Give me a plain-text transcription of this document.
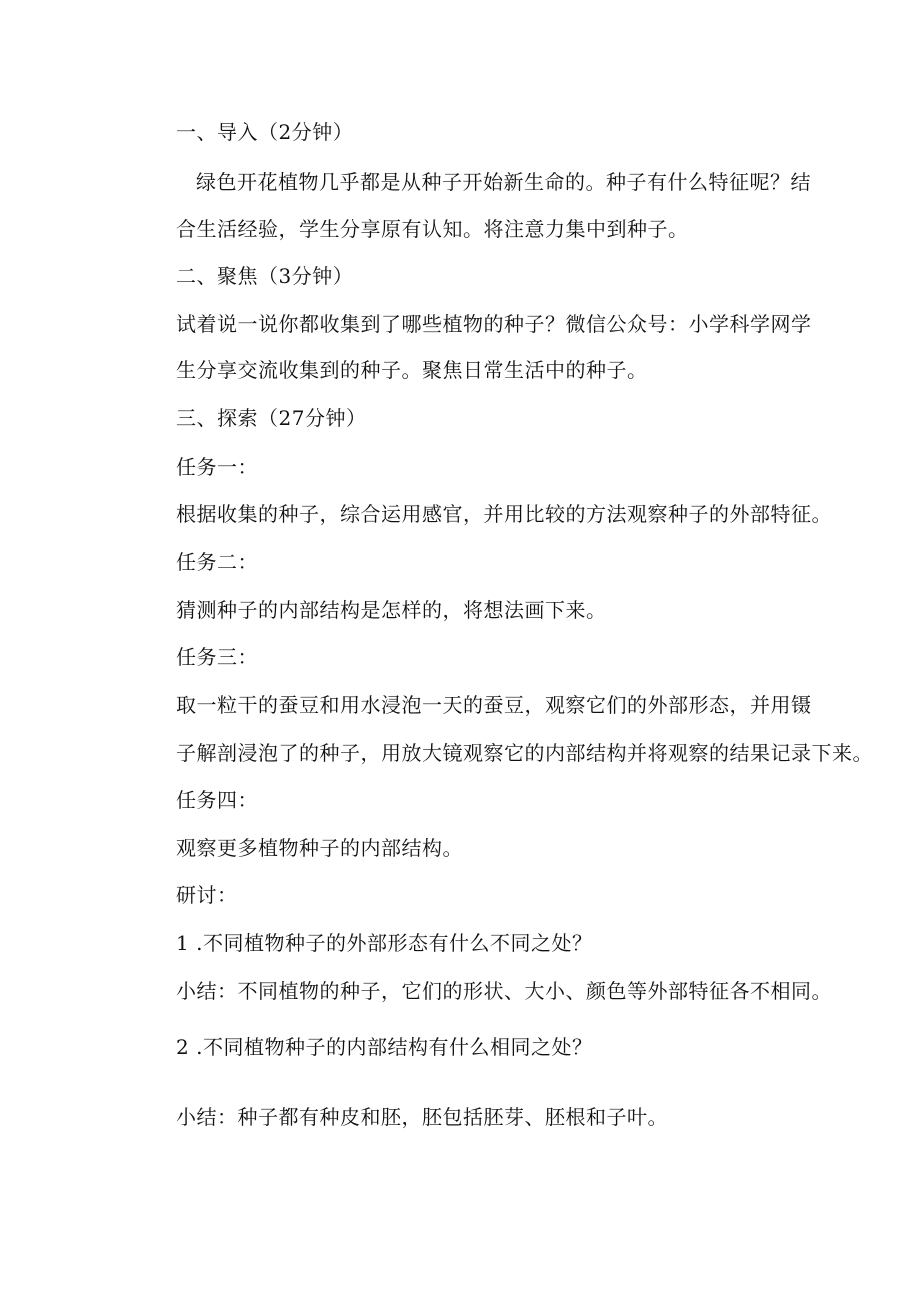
一、导入（2分钟）
绿色开花植物几乎都是从种子开始新生命的。种子有什么特征呢？结
合生活经验，学生分享原有认知。将注意力集中到种子。
二、聚焦（3分钟）
试着说一说你都收集到了哪些植物的种子？微信公众号：小学科学网学
生分享交流收集到的种子。聚焦日常生活中的种子。
三、探索（27分钟）
任务一：
根据收集的种子，综合运用感官，并用比较的方法观察种子的外部特征。
任务二：
猜测种子的内部结构是怎样的，将想法画下来。
任务三：
取一粒干的蚕豆和用水浸泡一天的蚕豆，观察它们的外部形态，并用镊
子解剖浸泡了的种子，用放大镜观察它的内部结构并将观察的结果记录下来。
任务四：
观察更多植物种子的内部结构。
研讨：
1 .不同植物种子的外部形态有什么不同之处？
小结：不同植物的种子，它们的形状、大小、颜色等外部特征各不相同。
2 .不同植物种子的内部结构有什么相同之处？
小结：种子都有种皮和胚，胚包括胚芽、胚根和子叶。
